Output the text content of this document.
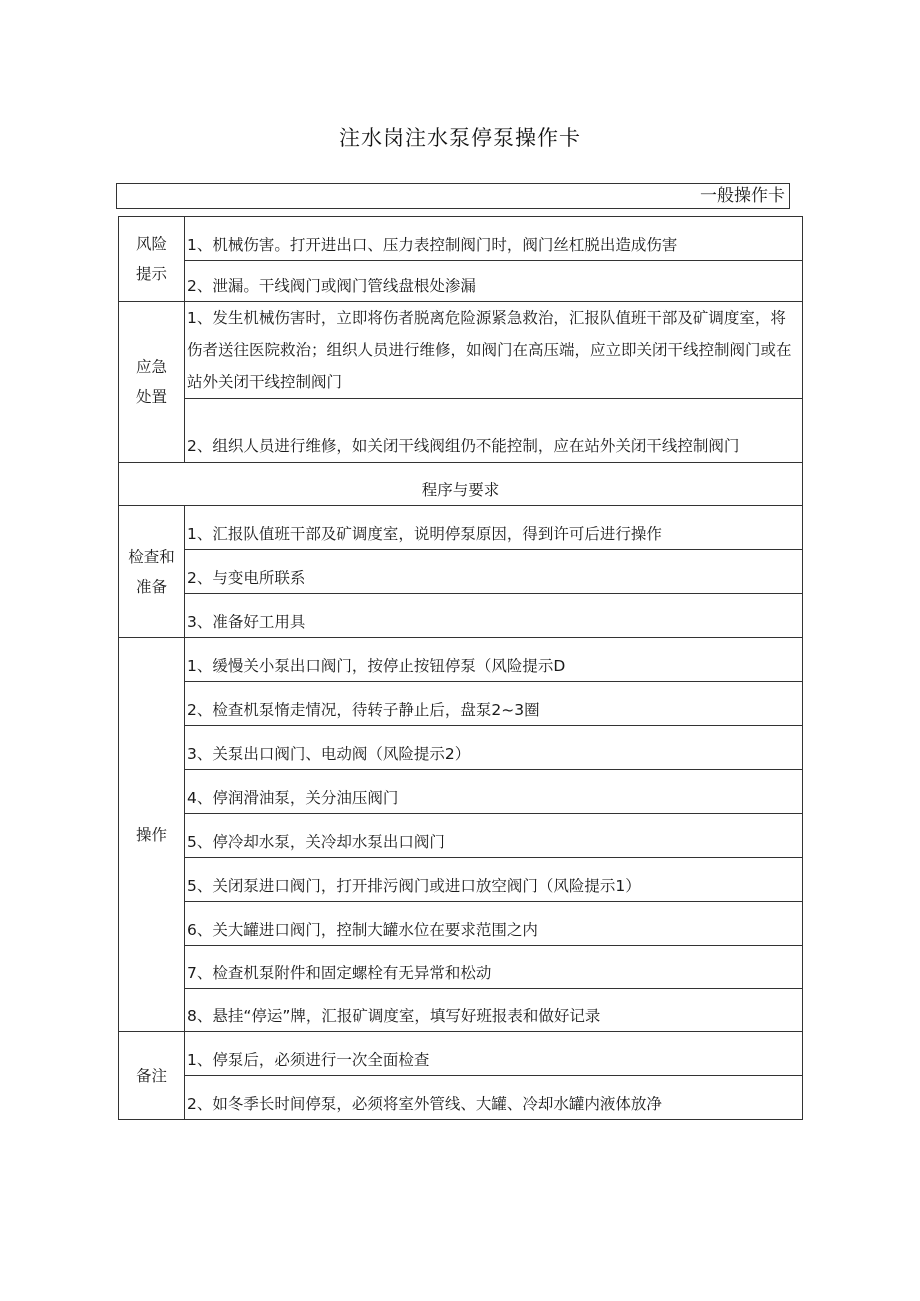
注水岗注水泵停泵操作卡
一般操作卡
风险
提示	1、机械伤害。打开进出口、压力表控制阀门时，阀门丝杠脱出造成伤害

	2、泄漏。干线阀门或阀门管线盘根处渗漏

应急
处置	1、发生机械伤害时，立即将伤者脱离危险源紧急救治，汇报队值班干部及矿调度室，将伤者送往医院救治；组织人员进行维修，如阀门在高压端，应立即关闭干线控制阀门或在站外关闭干线控制阀门

	2、组织人员进行维修，如关闭干线阀组仍不能控制，应在站外关闭干线控制阀门

程序与要求	

检查和
准备	1、汇报队值班干部及矿调度室，说明停泵原因，得到许可后进行操作

	2、与变电所联系

	3、准备好工用具

操作	1、缓慢关小泵出口阀门，按停止按钮停泵（风险提示D

	2、检查机泵惰走情况，待转子静止后，盘泵2~3圈

	3、关泵出口阀门、电动阀（风险提示2）

	4、停润滑油泵，关分油压阀门

	5、停冷却水泵，关冷却水泵出口阀门

	5、关闭泵进口阀门，打开排污阀门或进口放空阀门（风险提示1）

	6、关大罐进口阀门，控制大罐水位在要求范围之内

	7、检查机泵附件和固定螺栓有无异常和松动

	8、悬挂“停运”牌，汇报矿调度室，填写好班报表和做好记录

备注	1、停泵后，必须进行一次全面检查

	2、如冬季长时间停泵，必须将室外管线、大罐、冷却水罐内液体放净
